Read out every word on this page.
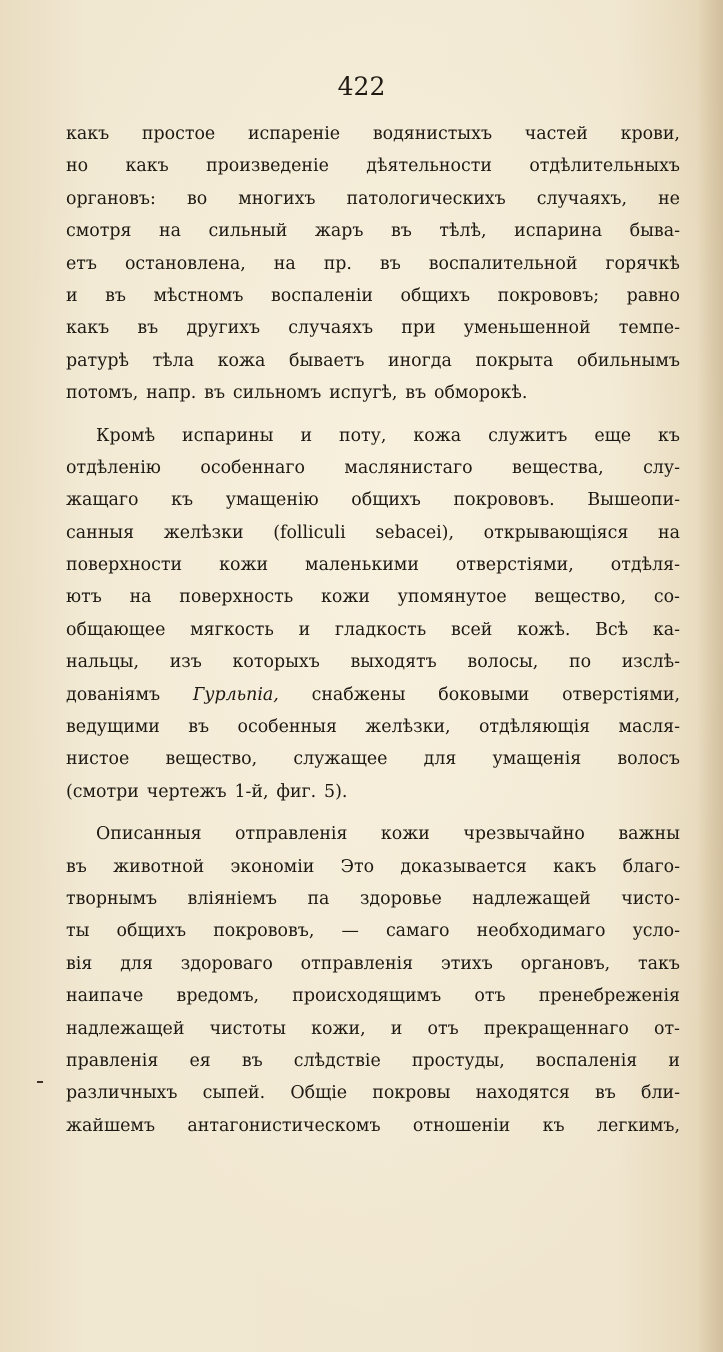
422

какъ простое испареніе водянистыхъ частей крови,
но какъ произведеніе дѣятельности отдѣлительныхъ
органовъ: во многихъ патологическихъ случаяхъ, не
смотря на сильный жаръ въ тѣлѣ, испарина быва-
етъ остановлена, на пр. въ воспалительной горячкѣ
и въ мѣстномъ воспаленіи общихъ покрововъ; равно
какъ въ другихъ случаяхъ при уменьшенной темпе-
ратурѣ тѣла кожа бываетъ иногда покрыта обильнымъ
потомъ, напр. въ сильномъ испугѣ, въ обморокѣ.
Кромѣ испарины и поту, кожа служитъ еще къ
отдѣленію особеннаго маслянистаго вещества, слу-
жащаго къ умащенію общихъ покрововъ. Вышеопи-
санныя желѣзки (folliculi sebacei), открывающіяся на
поверхности кожи маленькими отверстіями, отдѣля-
ютъ на поверхность кожи упомянутое вещество, со-
общающее мягкость и гладкость всей кожѣ. Всѣ ка-
нальцы, изъ которыхъ выходятъ волосы, по изслѣ-
дованіямъ Гурльпіа, снабжены боковыми отверстіями,
ведущими въ особенныя желѣзки, отдѣляющія масля-
нистое вещество, служащее для умащенія волосъ
(смотри чертежъ 1-й, фиг. 5).
Описанныя отправленія кожи чрезвычайно важны
въ животной экономіи Это доказывается какъ благо-
творнымъ вліяніемъ па здоровье надлежащей чисто-
ты общихъ покрововъ, — самаго необходимаго усло-
вія для здороваго отправленія этихъ органовъ, такъ
наипаче вредомъ, происходящимъ отъ пренебреженія
надлежащей чистоты кожи, и отъ прекращеннаго от-
правленія ея въ слѣдствіе простуды, воспаленія и
различныхъ сыпей. Общіе покровы находятся въ бли-
жайшемъ антагонистическомъ отношеніи къ легкимъ,
